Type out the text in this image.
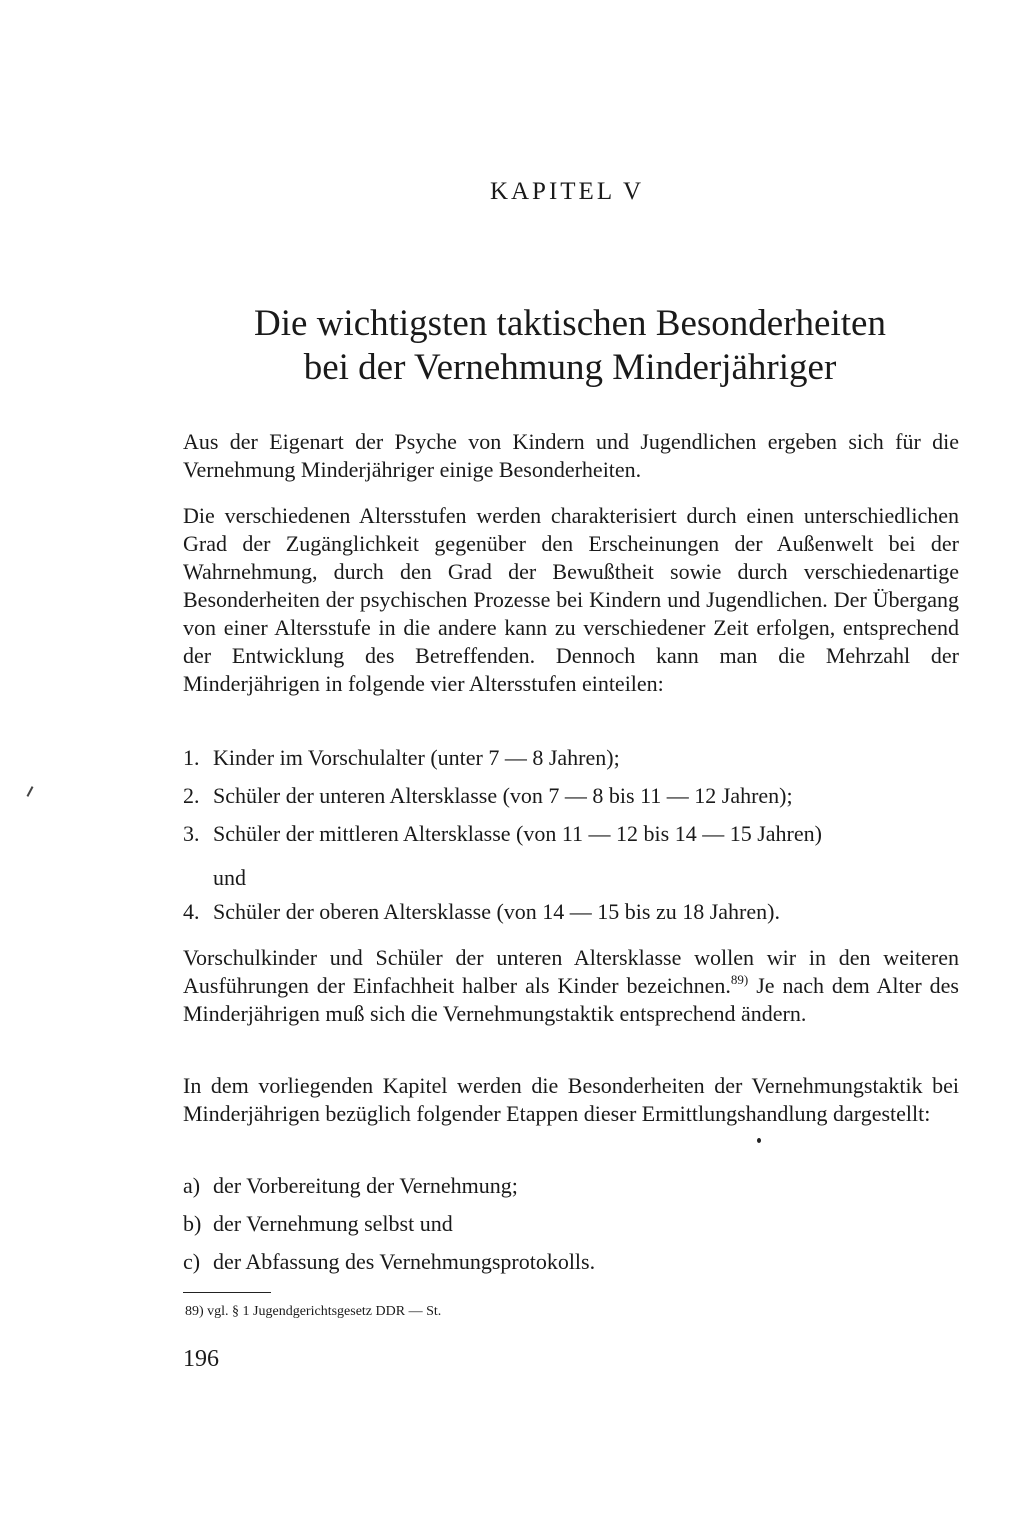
KAPITEL V
Die wichtigsten taktischen Besonderheiten
bei der Vernehmung Minderjähriger

Aus der Eigenart der Psyche von Kindern und Jugendlichen ergeben sich für die Vernehmung Minderjähriger einige Besonderheiten.

Die verschiedenen Altersstufen werden charakterisiert durch einen unterschiedlichen Grad der Zugänglichkeit gegenüber den Erscheinungen der Außenwelt bei der Wahrnehmung, durch den Grad der Bewußtheit sowie durch verschiedenartige Besonderheiten der psychischen Prozesse bei Kindern und Jugendlichen. Der Übergang von einer Altersstufe in die andere kann zu verschiedener Zeit erfolgen, entsprechend der Entwicklung des Betreffenden. Dennoch kann man die Mehrzahl der Minderjährigen in folgende vier Altersstufen einteilen:

1. Kinder im Vorschulalter (unter 7 — 8 Jahren);
2. Schüler der unteren Altersklasse (von 7 — 8 bis 11 — 12 Jahren);
3. Schüler der mittleren Altersklasse (von 11 — 12 bis 14 — 15 Jahren)
und
4. Schüler der oberen Altersklasse (von 14 — 15 bis zu 18 Jahren).

Vorschulkinder und Schüler der unteren Altersklasse wollen wir in den weiteren Ausführungen der Einfachheit halber als Kinder bezeichnen.$^{89)}$ Je nach dem Alter des Minderjährigen muß sich die Vernehmungstaktik entsprechend ändern.

In dem vorliegenden Kapitel werden die Besonderheiten der Vernehmungstaktik bei Minderjährigen bezüglich folgender Etappen dieser Ermittlungshandlung dargestellt:

a) der Vorbereitung der Vernehmung;
b) der Vernehmung selbst und
c) der Abfassung des Vernehmungsprotokolls.
89) vgl. § 1 Jugendgerichtsgesetz DDR — St.
196
